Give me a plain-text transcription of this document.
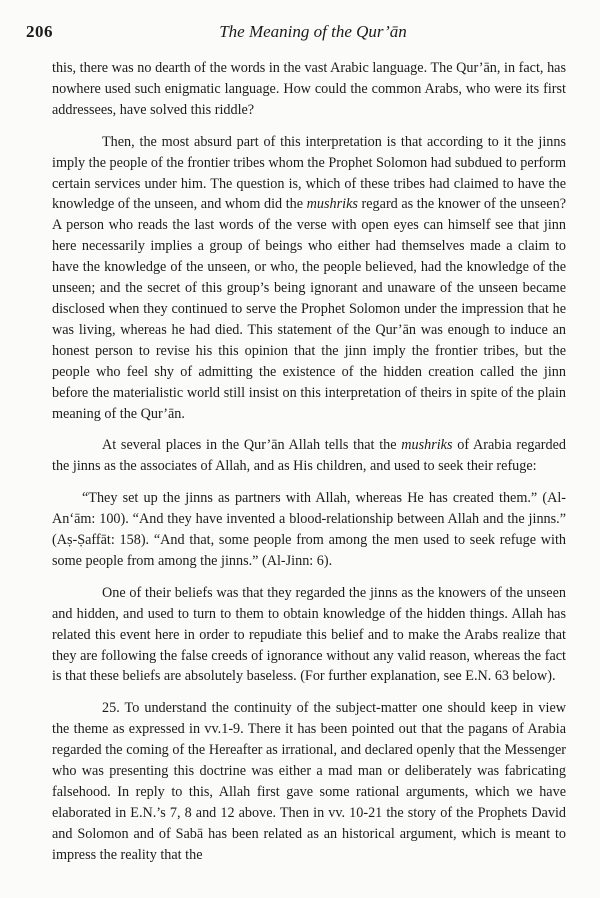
206	The Meaning of the Qur’ān

this, there was no dearth of the words in the vast Arabic language. The Qur’ān, in fact, has nowhere used such enigmatic language. How could the common Arabs, who were its first addressees, have solved this riddle?

Then, the most absurd part of this interpretation is that according to it the jinns imply the people of the frontier tribes whom the Prophet Solomon had subdued to perform certain services under him. The question is, which of these tribes had claimed to have the knowledge of the unseen, and whom did the mushriks regard as the knower of the unseen? A person who reads the last words of the verse with open eyes can himself see that jinn here necessarily implies a group of beings who either had themselves made a claim to have the knowledge of the unseen, or who, the people believed, had the knowledge of the unseen; and the secret of this group’s being ignorant and unaware of the unseen became disclosed when they continued to serve the Prophet Solomon under the impression that he was living, whereas he had died. This statement of the Qur’ān was enough to induce an honest person to revise his this opinion that the jinn imply the frontier tribes, but the people who feel shy of admitting the existence of the hidden creation called the jinn before the materialistic world still insist on this interpretation of theirs in spite of the plain meaning of the Qur’ān.

At several places in the Qur’ān Allah tells that the mushriks of Arabia regarded the jinns as the associates of Allah, and as His children, and used to seek their refuge:

“They set up the jinns as partners with Allah, whereas He has created them.” (Al-An‘ām: 100). “And they have invented a blood-relationship between Allah and the jinns.” (Aṣ-Ṣaffāt: 158). “And that, some people from among the men used to seek refuge with some people from among the jinns.” (Al-Jinn: 6).

One of their beliefs was that they regarded the jinns as the knowers of the unseen and hidden, and used to turn to them to obtain knowledge of the hidden things. Allah has related this event here in order to repudiate this belief and to make the Arabs realize that they are following the false creeds of ignorance without any valid reason, whereas the fact is that these beliefs are absolutely baseless. (For further explanation, see E.N. 63 below).

25. To understand the continuity of the subject-matter one should keep in view the theme as expressed in vv.1-9. There it has been pointed out that the pagans of Arabia regarded the coming of the Hereafter as irrational, and declared openly that the Messenger who was presenting this doctrine was either a mad man or deliberately was fabricating falsehood. In reply to this, Allah first gave some rational arguments, which we have elaborated in E.N.’s 7, 8 and 12 above. Then in vv. 10-21 the story of the Prophets David and Solomon and of Sabā has been related as an historical argument, which is meant to impress the reality that the
